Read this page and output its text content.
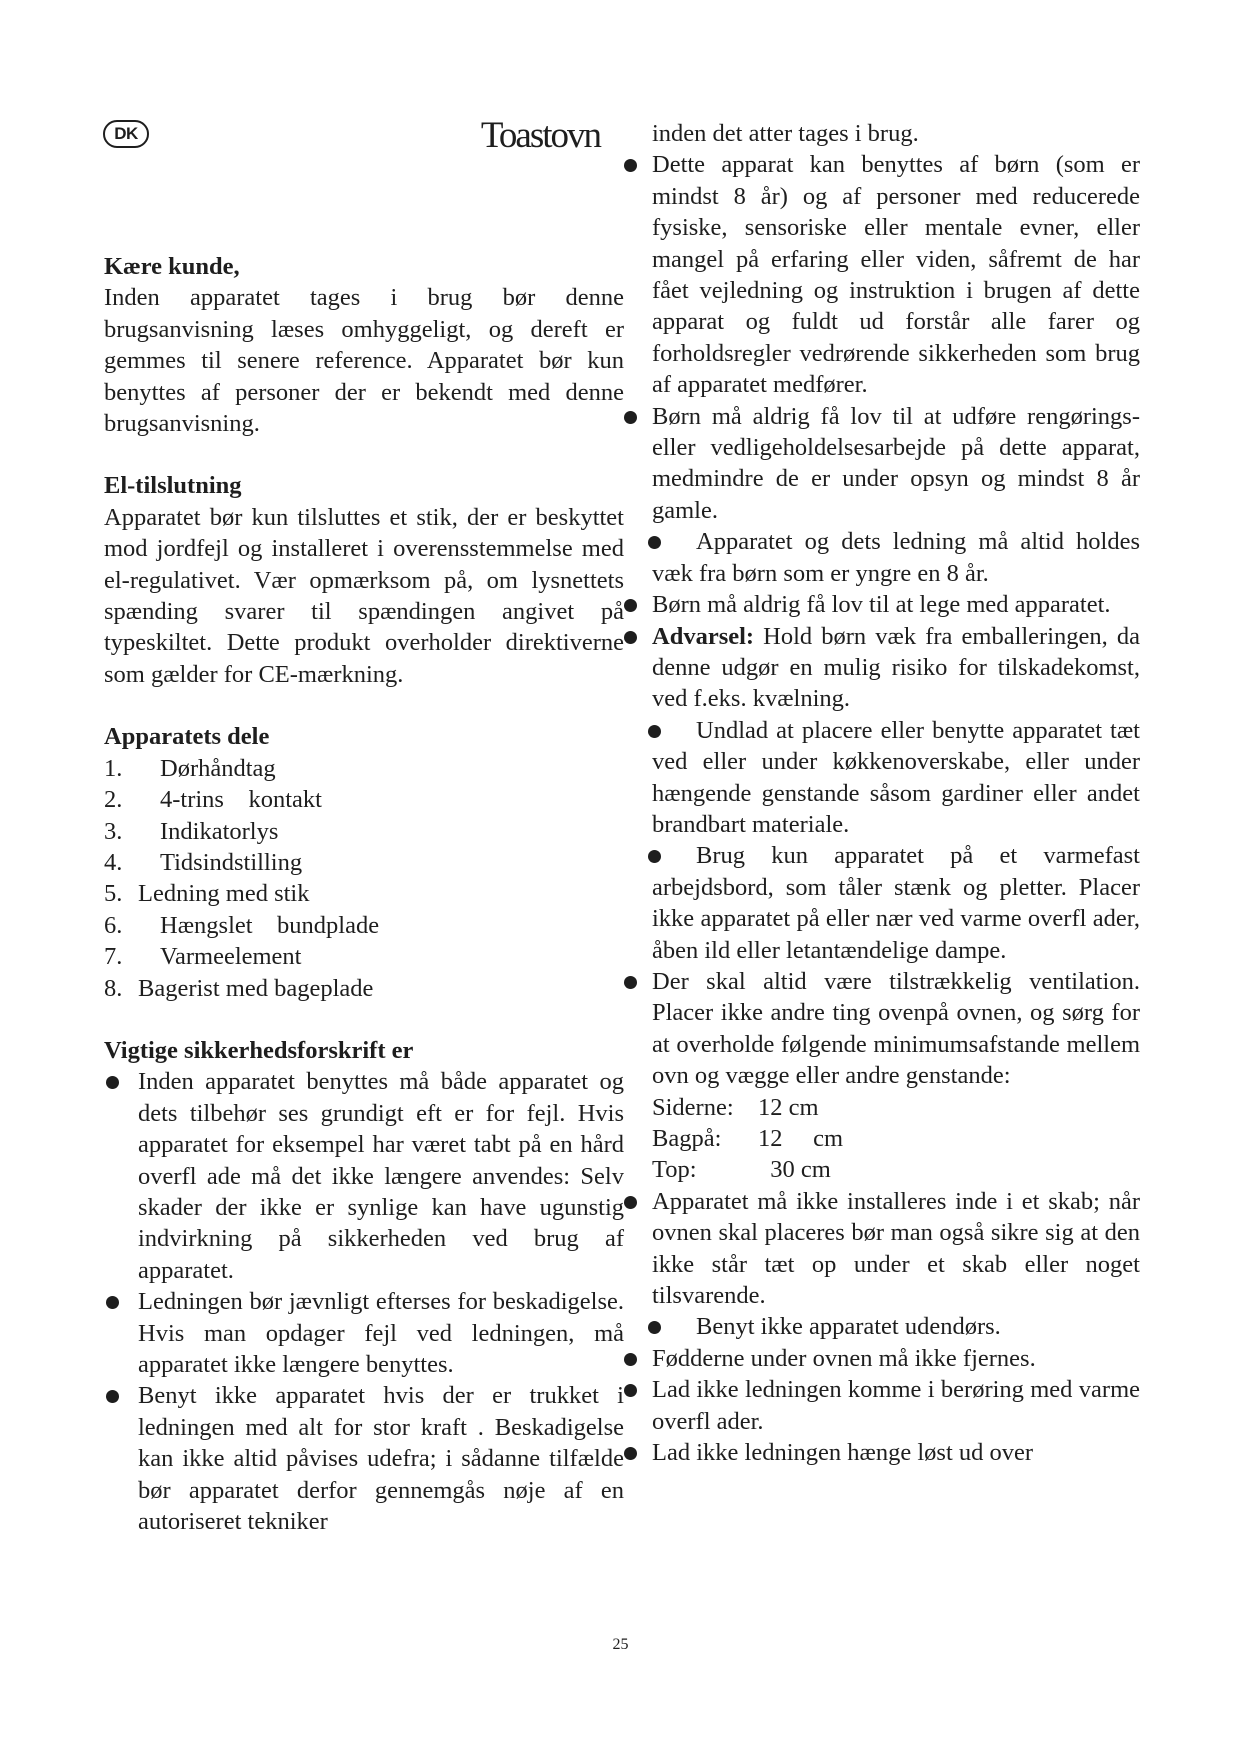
DK	Toastovn
Kære kunde,
Inden apparatet tages i brug bør denne brugsanvisning læses omhyggeligt, og dereft er gemmes til senere reference. Apparatet bør kun benyttes af personer der er bekendt med denne brugsanvisning.
El-tilslutning
Apparatet bør kun tilsluttes et stik, der er beskyttet mod jordfejl og installeret i overensstemmelse med el-regulativet. Vær opmærksom på, om lysnettets spænding svarer til spændingen angivet på typeskiltet. Dette produkt overholder direktiverne som gælder for CE-mærkning.
Apparatets dele
1.	Dørhåndtag
2.	4-trins    kontakt
3.	Indikatorlys
4.	Tidsindstilling
5. Ledning med stik
6.	Hængslet    bundplade
7.	Varmeelement
8. Bagerist med bageplade
Vigtige sikkerhedsforskrift er
Inden apparatet benyttes må både apparatet og dets tilbehør ses grundigt eft er for fejl. Hvis apparatet for eksempel har været tabt på en hård overfl ade må det ikke længere anvendes: Selv skader der ikke er synlige kan have ugunstig indvirkning på sikkerheden ved brug af apparatet.
Ledningen bør jævnligt efterses for beskadigelse. Hvis man opdager fejl ved ledningen, må apparatet ikke længere benyttes.
Benyt ikke apparatet hvis der er trukket i ledningen med alt for stor kraft . Beskadigelse kan ikke altid påvises udefra; i sådanne tilfælde bør apparatet derfor gennemgås nøje af en autoriseret tekniker
inden det atter tages i brug.
Dette apparat kan benyttes af børn (som er mindst 8 år) og af personer med reducerede fysiske, sensoriske eller mentale evner, eller mangel på erfaring eller viden, såfremt de har fået vejledning og instruktion i brugen af dette apparat og fuldt ud forstår alle farer og forholdsregler vedrørende sikkerheden som brug af apparatet medfører.
Børn må aldrig få lov til at udføre rengørings- eller vedligeholdelsesarbejde på dette apparat, medmindre de er under opsyn og mindst 8 år gamle.
Apparatet og dets ledning må altid holdes væk fra børn som er yngre en 8 år.
Børn må aldrig få lov til at lege med apparatet.
Advarsel: Hold børn væk fra emballeringen, da denne udgør en mulig risiko for tilskadekomst, ved f.eks. kvælning.
Undlad at placere eller benytte apparatet tæt ved eller under køkkenoverskabe, eller under hængende genstande såsom gardiner eller andet brandbart materiale.
Brug kun apparatet på et varmefast arbejdsbord, som tåler stænk og pletter. Placer ikke apparatet på eller nær ved varme overfl ader, åben ild eller letantændelige dampe.
Der skal altid være tilstrækkelig ventilation. Placer ikke andre ting ovenpå ovnen, og sørg for at overholde følgende minimumsafstande mellem ovn og vægge eller andre genstande:
Siderne: 12 cm
Bagpå:	12     cm
Top:	30 cm
Apparatet må ikke installeres inde i et skab; når ovnen skal placeres bør man også sikre sig at den ikke står tæt op under et skab eller noget tilsvarende.
Benyt ikke apparatet udendørs.
Fødderne under ovnen må ikke fjernes.
Lad ikke ledningen komme i berøring med varme overfl ader.
Lad ikke ledningen hænge løst ud over
25
